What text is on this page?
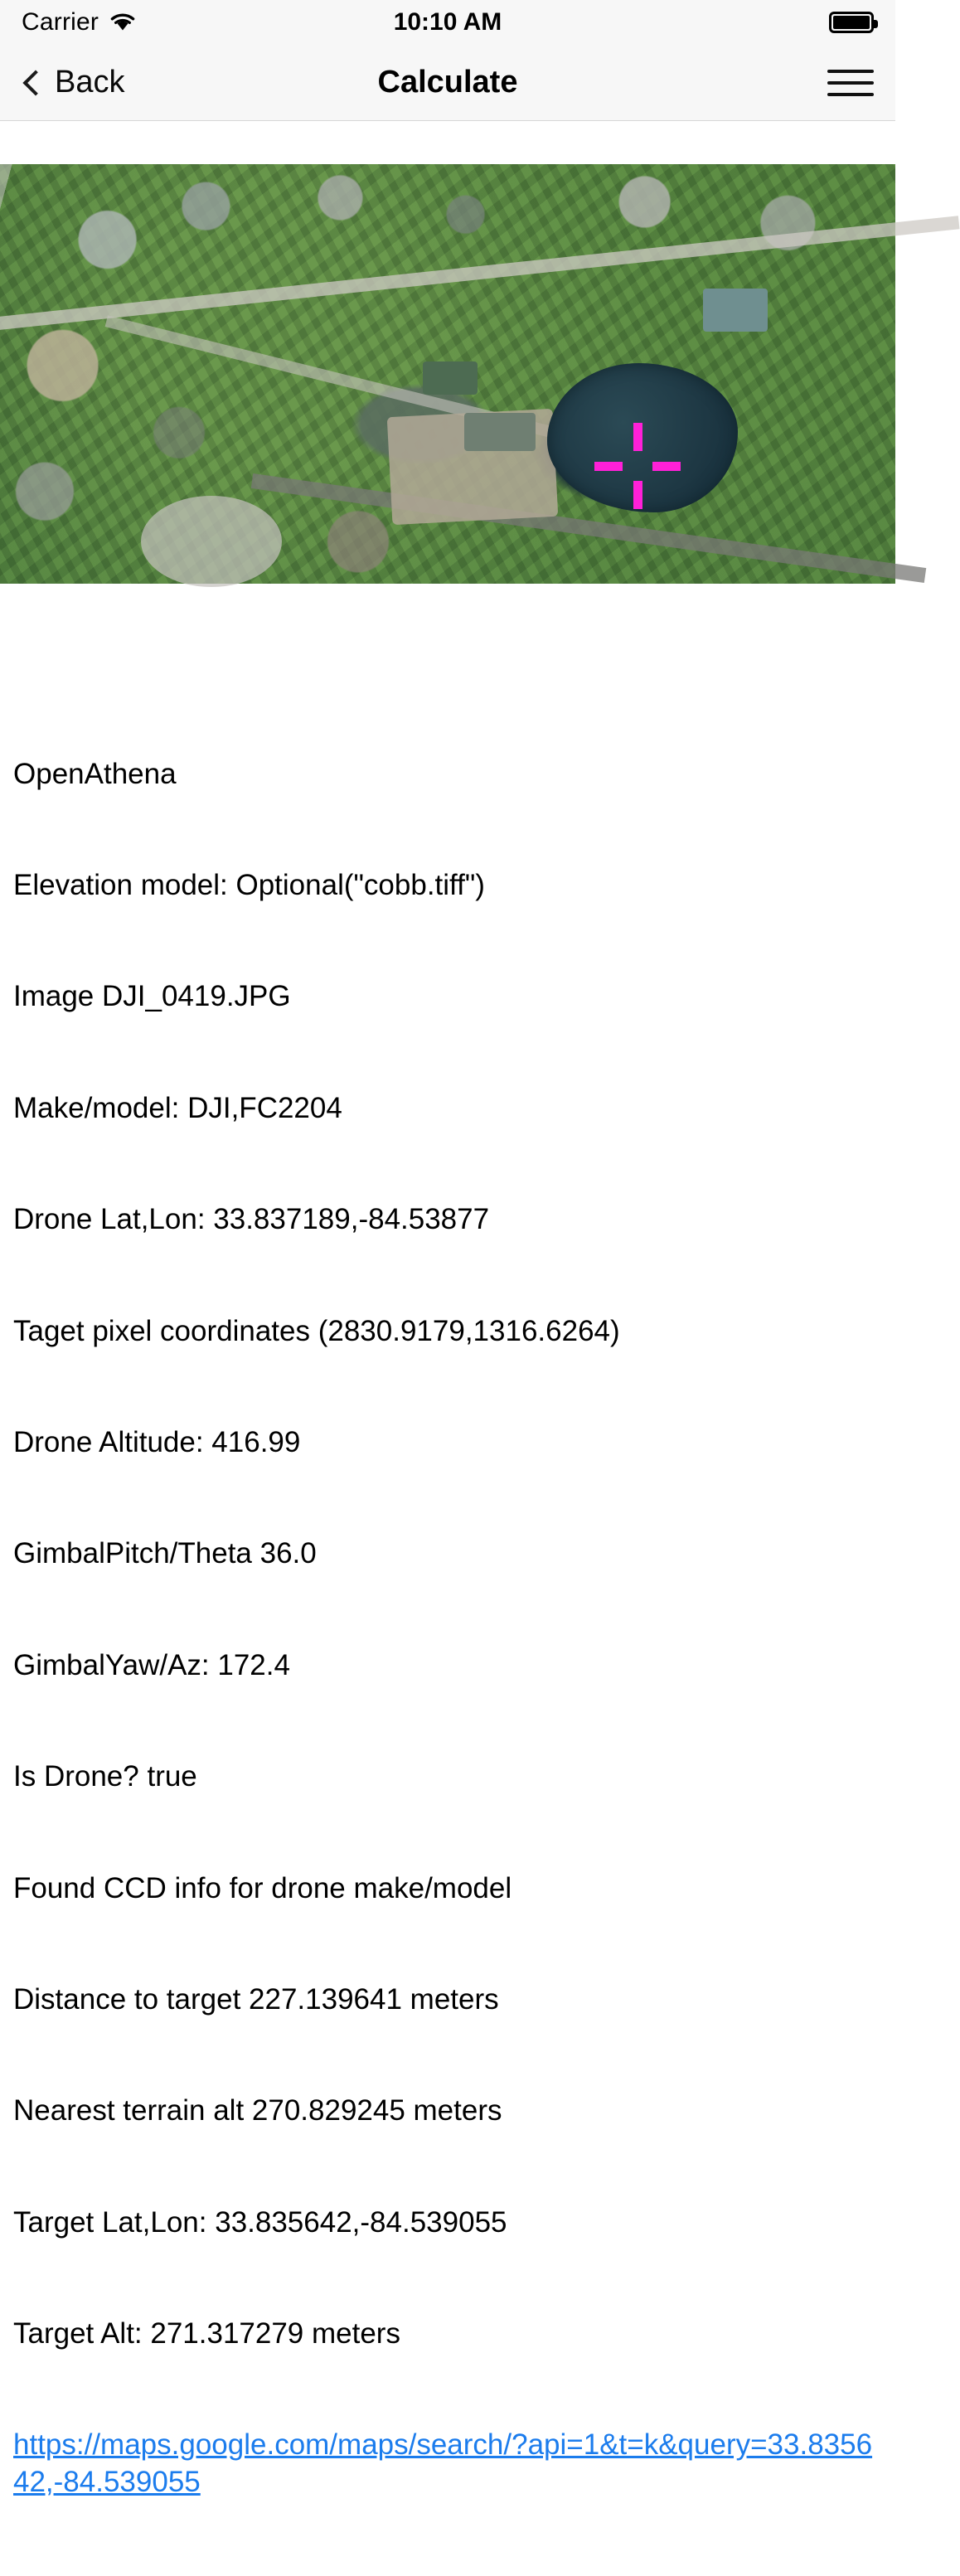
Carrier	10:10 AM
Back	Calculate

OpenAthena

Elevation model: Optional("cobb.tiff")

Image DJI_0419.JPG

Make/model: DJI,FC2204

Drone Lat,Lon: 33.837189,-84.53877

Taget pixel coordinates (2830.9179,1316.6264)

Drone Altitude: 416.99

GimbalPitch/Theta 36.0

GimbalYaw/Az: 172.4

Is Drone? true

Found CCD info for drone make/model

Distance to target 227.139641 meters

Nearest terrain alt 270.829245 meters

Target Lat,Lon: 33.835642,-84.539055

Target Alt: 271.317279 meters

https://maps.google.com/maps/search/?api=1&t=k&query=33.835642,-84.539055
